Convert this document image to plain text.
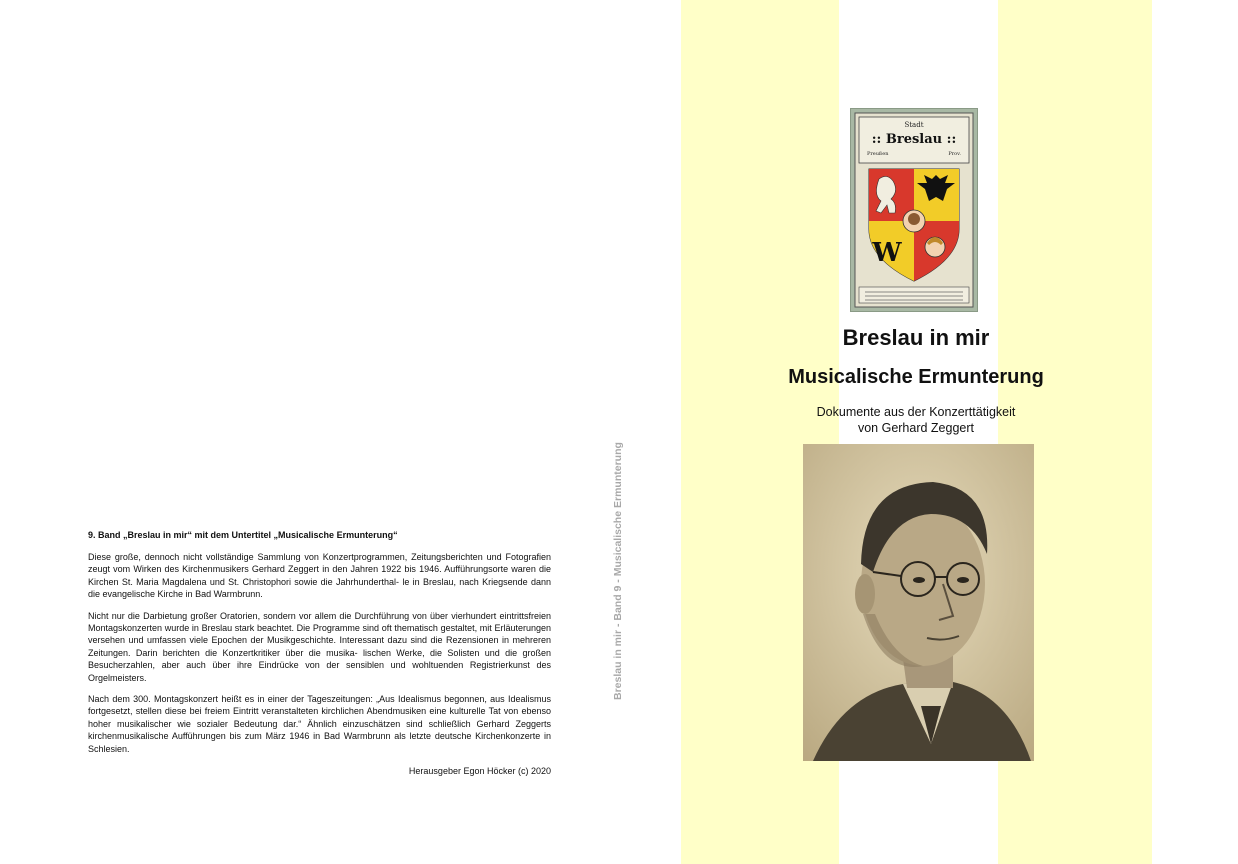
9. Band „Breslau in mir“ mit dem Untertitel „Musicalische Ermunterung“

Diese große, dennoch nicht vollständige Sammlung von Konzertprogrammen, Zeitungsberichten und Fotografien zeugt vom Wirken des Kirchenmusikers Gerhard Zeggert in den Jahren 1922 bis 1946. Aufführungsorte waren die Kirchen St. Maria Magdalena und St. Christophori sowie die Jahrhunderthal- le in Breslau, nach Kriegsende dann die evangelische Kirche in Bad Warmbrunn.

Nicht nur die Darbietung großer Oratorien, sondern vor allem die Durchführung von über vierhundert eintrittsfreien Montagskonzerten wurde in Breslau stark beachtet. Die Programme sind oft thematisch gestaltet, mit Erläuterungen versehen und umfassen viele Epochen der Musikgeschichte. Interessant dazu sind die Rezensionen in mehreren Zeitungen. Darin berichten die Konzertkritiker über die musika- lischen Werke, die Solisten und die großen Besucherzahlen, aber auch über ihre Eindrücke von der sensiblen und wohltuenden Registrierkunst des Orgelmeisters.

Nach dem 300. Montagskonzert heißt es in einer der Tageszeitungen: „Aus Idealismus begonnen, aus Idealismus fortgesetzt, stellen diese bei freiem Eintritt veranstalteten kirchlichen Abendmusiken eine kulturelle Tat von ebenso hoher musikalischer wie sozialer Bedeutung dar.“ Ähnlich einzuschätzen sind schließlich Gerhard Zeggerts kirchenmusikalische Aufführungen bis zum März 1946 in Bad Warmbrunn als letzte deutsche Kirchenkonzerte in Schlesien.

Herausgeber Egon Höcker (c) 2020
Breslau in mir - Band 9 - Musicalische Ermunterung
Stadt
:: Breslau ::
Preußen	Prov.
W
Breslau in mir
Musicalische Ermunterung
Dokumente aus der Konzerttätigkeit
von Gerhard Zeggert
